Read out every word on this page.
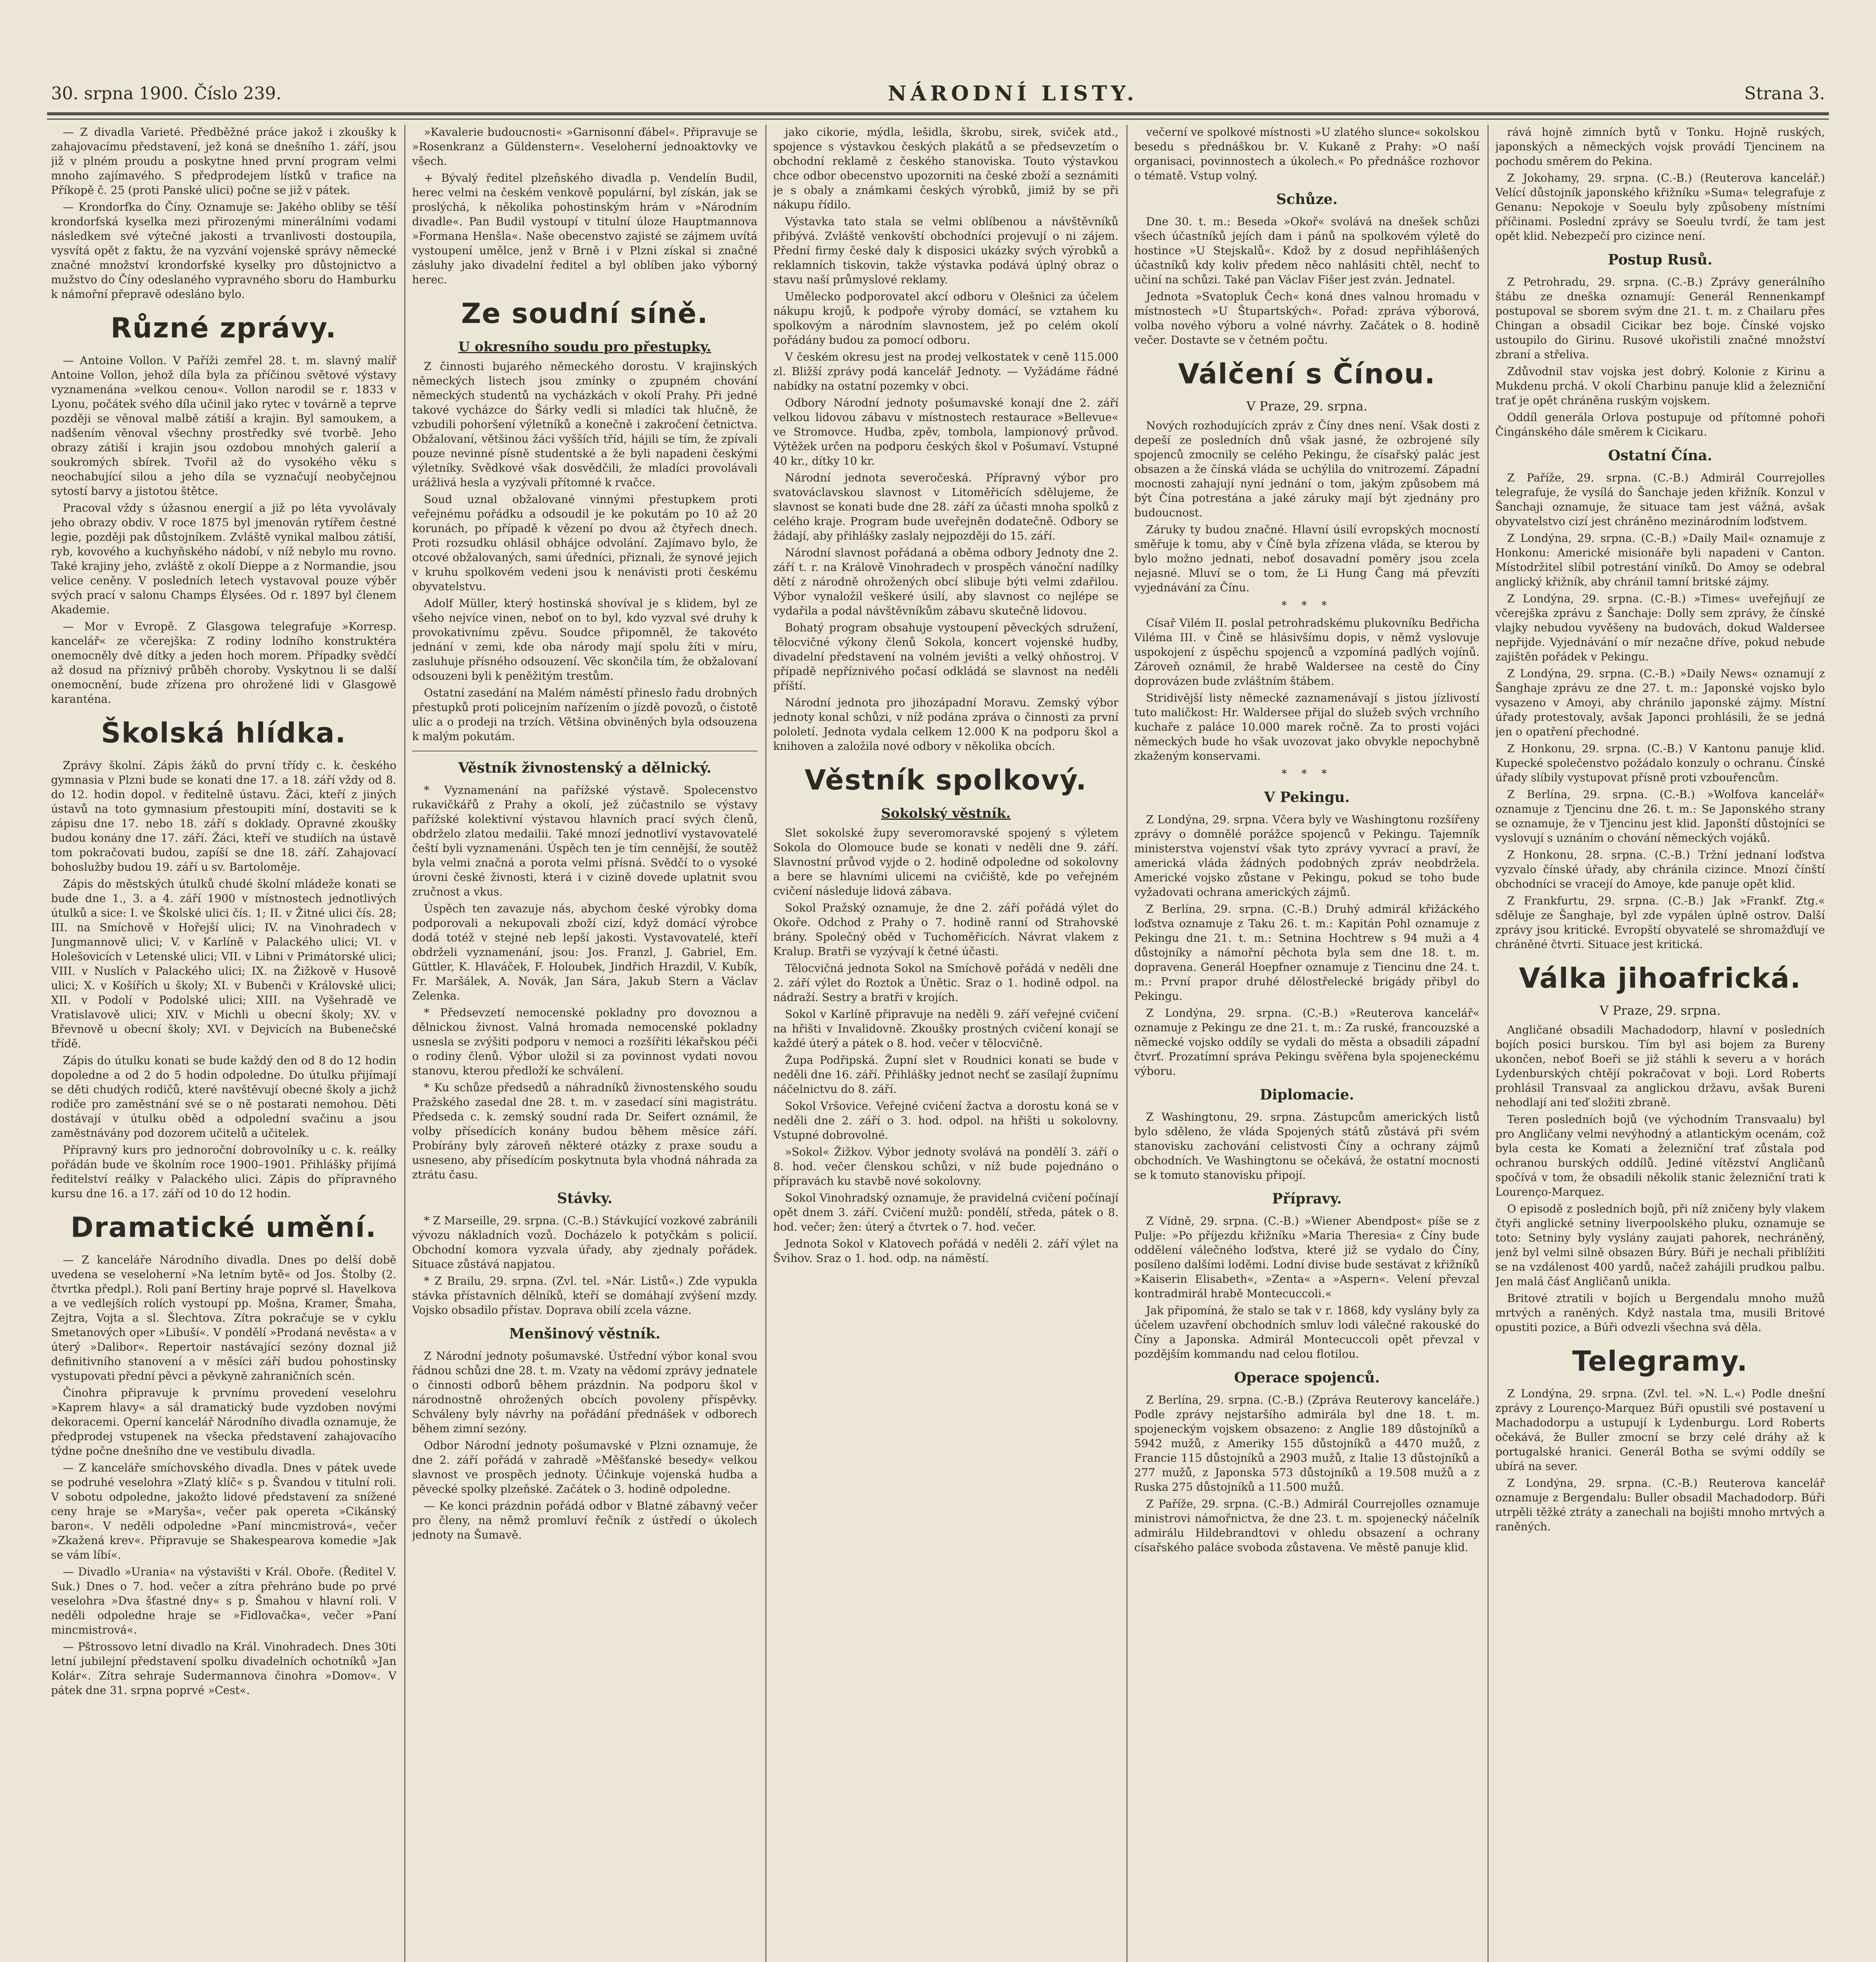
30. srpna 1900. Číslo 239.	NÁRODNÍ LISTY.	Strana 3.

— Z divadla Varieté. Předběžné práce jakož i zkoušky k zahajovacímu představení, jež koná se dnešního 1. září, jsou již v plném proudu a poskytne hned první program velmi mnoho zajímavého. S předprodejem lístků v trafice na Příkopě č. 25 (proti Panské ulici) počne se již v pátek.

— Krondorfka do Číny. Oznamuje se: Jakého obliby se těší krondorfská kyselka mezi přirozenými minerálními vodami následkem své výtečné jakosti a trvanlivosti dostoupila, vysvítá opět z faktu, že na vyzvání vojenské správy německé značné množství krondorfské kyselky pro důstojnictvo a mužstvo do Číny odeslaného vypravného sboru do Hamburku k námořní přepravě odesláno bylo.

Různé zprávy.

— Antoine Vollon. V Paříži zemřel 28. t. m. slavný malíř Antoine Vollon, jehož díla byla za příčinou světové výstavy vyznamenána »velkou cenou«. Vollon narodil se r. 1833 v Lyonu, počátek svého díla učinil jako rytec v továrně a teprve později se věnoval malbě zátiší a krajin. Byl samoukem, a nadšením věnoval všechny prostředky své tvorbě. Jeho obrazy zátiší i krajin jsou ozdobou mnohých galerií a soukromých sbírek. Tvořil až do vysokého věku s neochabující silou a jeho díla se vyznačují neobyčejnou sytostí barvy a jistotou štětce.

Pracoval vždy s úžasnou energií a již po léta vyvolávaly jeho obrazy obdiv. V roce 1875 byl jmenován rytířem čestné legie, později pak důstojníkem. Zvláště vynikal malbou zátiší, ryb, kovového a kuchyňského nádobí, v níž nebylo mu rovno. Také krajiny jeho, zvláště z okolí Dieppe a z Normandie, jsou velice ceněny. V posledních letech vystavoval pouze výběr svých prací v salonu Champs Élysées. Od r. 1897 byl členem Akademie.

— Mor v Evropě. Z Glasgowa telegrafuje »Korresp. kancelář« ze včerejška: Z rodiny lodního konstruktéra onemocněly dvě dítky a jeden hoch morem. Případky svědčí až dosud na příznivý průběh choroby. Vyskytnou li se další onemocnění, bude zřízena pro ohrožené lidi v Glasgowě karanténa.

Školská hlídka.

Zprávy školní. Zápis žáků do první třídy c. k. českého gymnasia v Plzni bude se konati dne 17. a 18. září vždy od 8. do 12. hodin dopol. v ředitelně ústavu. Žáci, kteří z jiných ústavů na toto gymnasium přestoupiti míní, dostaviti se k zápisu dne 17. nebo 18. září s doklady. Opravné zkoušky budou konány dne 17. září. Žáci, kteří ve studiích na ústavě tom pokračovati budou, zapíší se dne 18. září. Zahajovací bohoslužby budou 19. září u sv. Bartoloměje.

Zápis do městských útulků chudé školní mládeže konati se bude dne 1., 3. a 4. září 1900 v místnostech jednotlivých útulků a sice: I. ve Školské ulici čís. 1; II. v Žitné ulici čís. 28; III. na Smíchově v Hořejší ulici; IV. na Vinohradech v Jungmannově ulici; V. v Karlíně v Palackého ulici; VI. v Holešovicích v Letenské ulici; VII. v Libni v Primátorské ulici; VIII. v Nuslích v Palackého ulici; IX. na Žižkově v Husově ulici; X. v Košířích u školy; XI. v Bubenči v Královské ulici; XII. v Podolí v Podolské ulici; XIII. na Vyšehradě ve Vratislavově ulici; XIV. v Michli u obecní školy; XV. v Břevnově u obecní školy; XVI. v Dejvicích na Bubenečské třídě.

Zápis do útulku konati se bude každý den od 8 do 12 hodin dopoledne a od 2 do 5 hodin odpoledne. Do útulku přijímají se děti chudých rodičů, které navštěvují obecné školy a jichž rodiče pro zaměstnání své se o ně postarati nemohou. Děti dostávají v útulku oběd a odpolední svačinu a jsou zaměstnávány pod dozorem učitelů a učitelek.

Přípravný kurs pro jednoroční dobrovolníky u c. k. reálky pořádán bude ve školním roce 1900–1901. Přihlášky přijímá ředitelství reálky v Palackého ulici. Zápis do přípravného kursu dne 16. a 17. září od 10 do 12 hodin.

Dramatické umění.

— Z kanceláře Národního divadla. Dnes po delší době uvedena se veseloherní »Na letním bytě« od Jos. Štolby (2. čtvrtka předpl.). Roli paní Bertiny hraje poprvé sl. Havelkova a ve vedlejších rolích vystoupí pp. Mošna, Kramer, Šmaha, Zejtra, Vojta a sl. Šlechtova. Zítra pokračuje se v cyklu Smetanových oper »Libuší«. V pondělí »Prodaná nevěsta« a v úterý »Dalibor«. Repertoir nastávající sezóny doznal již definitivního stanovení a v měsíci září budou pohostinsky vystupovati přední pěvci a pěvkyně zahraničních scén.

Činohra připravuje k prvnímu provedení veselohru »Kaprem hlavy« a sál dramatický bude vyzdoben novými dekoracemi. Operní kancelář Národního divadla oznamuje, že předprodej vstupenek na všecka představení zahajovacího týdne počne dnešního dne ve vestibulu divadla.

— Z kanceláře smíchovského divadla. Dnes v pátek uvede se podruhé veselohra »Zlatý klíč« s p. Švandou v titulní roli. V sobotu odpoledne, jakožto lidové představení za snížené ceny hraje se »Maryša«, večer pak opereta »Cikánský baron«. V neděli odpoledne »Paní mincmistrová«, večer »Zkažená krev«. Připravuje se Shakespearova komedie »Jak se vám líbí«.

— Divadlo »Urania« na výstavišti v Král. Oboře. (Ředitel V. Suk.) Dnes o 7. hod. večer a zítra přehráno bude po prvé veselohra »Dva šťastné dny« s p. Šmahou v hlavní roli. V neděli odpoledne hraje se »Fidlovačka«, večer »Paní mincmistrová«.

— Pštrossovo letní divadlo na Král. Vinohradech. Dnes 30ti letní jubilejní představení spolku divadelních ochotníků »Jan Kolár«. Zítra sehraje Sudermannova činohra »Domov«. V pátek dne 31. srpna poprvé »Cest«.

»Kavalerie budoucnosti« »Garnisonní ďábel«. Připravuje se »Rosenkranz a Güldenstern«. Veseloherní jednoaktovky ve všech.

+ Bývalý ředitel plzeňského divadla p. Vendelín Budil, herec velmi na českém venkově populární, byl získán, jak se proslýchá, k několika pohostinským hrám v »Národním divadle«. Pan Budil vystoupí v titulní úloze Hauptmannova »Formana Henšla«. Naše obecenstvo zajisté se zájmem uvítá vystoupení umělce, jenž v Brně i v Plzni získal si značné zásluhy jako divadelní ředitel a byl oblíben jako výborný herec.

Ze soudní síně.
U okresního soudu pro přestupky.

Z činnosti bujarého německého dorostu. V krajinských německých listech jsou zmínky o zpupném chování německých studentů na vycházkách v okolí Prahy. Při jedné takové vycházce do Šárky vedli si mladíci tak hlučně, že vzbudili pohoršení výletníků a konečně i zakročení četnictva. Obžalovaní, většinou žáci vyšších tříd, hájili se tím, že zpívali pouze nevinné písně studentské a že byli napadeni českými výletníky. Svědkové však dosvědčili, že mladíci provolávali urážlivá hesla a vyzývali přítomné k rvačce.

Soud uznal obžalované vinnými přestupkem proti veřejnému pořádku a odsoudil je ke pokutám po 10 až 20 korunách, po případě k vězení po dvou až čtyřech dnech. Proti rozsudku ohlásil obhájce odvolání. Zajímavo bylo, že otcové obžalovaných, sami úředníci, přiznali, že synové jejich v kruhu spolkovém vedeni jsou k nenávisti proti českému obyvatelstvu.

Adolf Müller, který hostinská shovíval je s klidem, byl ze všeho nejvíce vinen, neboť on to byl, kdo vyzval své druhy k provokativnímu zpěvu. Soudce připomněl, že takovéto jednání v zemi, kde oba národy mají spolu žíti v míru, zasluhuje přísného odsouzení. Věc skončila tím, že obžalovaní odsouzeni byli k peněžitým trestům.

Ostatní zasedání na Malém náměstí přineslo řadu drobných přestupků proti policejním nařízením o jízdě povozů, o čistotě ulic a o prodeji na trzích. Většina obviněných byla odsouzena k malým pokutám.

Věstník živnostenský a dělnický.

* Vyznamenání na pařížské výstavě. Spolecenstvo rukavičkářů z Prahy a okolí, jež zúčastnilo se výstavy pařížské kolektivní výstavou hlavních prací svých členů, obdrželo zlatou medailii. Také mnozí jednotliví vystavovatelé čeští byli vyznamenáni. Úspěch ten je tím cennější, že soutěž byla velmi značná a porota velmi přísná. Svědčí to o vysoké úrovni české živnosti, která i v cizině dovede uplatnit svou zručnost a vkus.

Úspěch ten zavazuje nás, abychom české výrobky doma podporovali a nekupovali zboží cizí, když domácí výrobce dodá totéž v stejné neb lepší jakosti. Vystavovatelé, kteří obdrželi vyznamenání, jsou: Jos. Franzl, J. Gabriel, Em. Güttler, K. Hlaváček, F. Holoubek, Jindřich Hrazdil, V. Kubík, Fr. Maršálek, A. Novák, Jan Sára, Jakub Stern a Václav Zelenka.

* Předsevzetí nemocenské pokladny pro dovoznou a dělnickou živnost. Valná hromada nemocenské pokladny usnesla se zvýšiti podporu v nemoci a rozšířiti lékařskou péči o rodiny členů. Výbor uložil si za povinnost vydati novou stanovu, kterou předloží ke schválení.

* Ku schůze předsedů a náhradníků živnostenského soudu Pražského zasedal dne 28. t. m. v zasedací síni magistrátu. Předseda c. k. zemský soudní rada Dr. Seifert oznámil, že volby přísedících konány budou během měsíce září. Probírány byly zároveň některé otázky z praxe soudu a usneseno, aby přísedícím poskytnuta byla vhodná náhrada za ztrátu času.

Stávky.

* Z Marseille, 29. srpna. (C.-B.) Stávkující vozkové zabránili vývozu nákladních vozů. Docházelo k potyčkám s policií. Obchodní komora vyzvala úřady, aby zjednaly pořádek. Situace zůstává napjatou.

* Z Brailu, 29. srpna. (Zvl. tel. »Nár. Listů«.) Zde vypukla stávka přístavních dělníků, kteří se domáhají zvýšení mzdy. Vojsko obsadilo přístav. Doprava obilí zcela vázne.

Menšinový věstník.

Z Národní jednoty pošumavské. Ústřední výbor konal svou řádnou schůzi dne 28. t. m. Vzaty na vědomí zprávy jednatele o činnosti odborů během prázdnin. Na podporu škol v národnostně ohrožených obcích povoleny příspěvky. Schváleny byly návrhy na pořádání přednášek v odborech během zimní sezóny.

Odbor Národní jednoty pošumavské v Plzni oznamuje, že dne 2. září pořádá v zahradě »Měšťanské besedy« velkou slavnost ve prospěch jednoty. Účinkuje vojenská hudba a pěvecké spolky plzeňské. Začátek o 3. hodině odpoledne.

— Ke konci prázdnin pořádá odbor v Blatné zábavný večer pro členy, na němž promluví řečník z ústředí o úkolech jednoty na Šumavě.

jako cikorie, mýdla, lešidla, škrobu, sirek, sviček atd., spojence s výstavkou českých plakátů a se předsevzetím o obchodní reklamě z českého stanoviska. Touto výstavkou chce odbor obecenstvo upozorniti na české zboží a seznámiti je s obaly a známkami českých výrobků, jimiž by se při nákupu řídilo.

Výstavka tato stala se velmi oblíbenou a návštěvníků přibývá. Zvláště venkovští obchodníci projevují o ni zájem. Přední firmy české daly k disposici ukázky svých výrobků a reklamních tiskovin, takže výstavka podává úplný obraz o stavu naší průmyslové reklamy.

Umělecko podporovatel akcí odboru v Olešnici za účelem nákupu krojů, k podpoře výroby domácí, se vztahem ku spolkovým a národním slavnostem, jež po celém okolí pořádány budou za pomocí odboru.

V českém okresu jest na prodej velkostatek v ceně 115.000 zl. Bližší zprávy podá kancelář Jednoty. — Vyžádáme řádné nabídky na ostatní pozemky v obci.

Odbory Národní jednoty pošumavské konají dne 2. září velkou lidovou zábavu v místnostech restaurace »Bellevue« ve Stromovce. Hudba, zpěv, tombola, lampionový průvod. Výtěžek určen na podporu českých škol v Pošumaví. Vstupné 40 kr., dítky 10 kr.

Národní jednota severočeská. Přípravný výbor pro svatováclavskou slavnost v Litoměřicích sdělujeme, že slavnost se konati bude dne 28. září za účasti mnoha spolků z celého kraje. Program bude uveřejněn dodatečně. Odbory se žádají, aby přihlášky zaslaly nejpozději do 15. září.

Národní slavnost pořádaná a oběma odbory Jednoty dne 2. září t. r. na Králově Vinohradech v prospěch vánoční nadílky dětí z národně ohrožených obcí slibuje býti velmi zdařilou. Výbor vynaložil veškeré úsilí, aby slavnost co nejlépe se vydařila a podal návštěvníkům zábavu skutečně lidovou.

Bohatý program obsahuje vystoupení pěveckých sdružení, tělocvičné výkony členů Sokola, koncert vojenské hudby, divadelní představení na volném jevišti a velký ohňostroj. V případě nepříznivého počasí odkládá se slavnost na neděli příští.

Národní jednota pro jihozápadní Moravu. Zemský výbor jednoty konal schůzi, v níž podána zpráva o činnosti za první pololetí. Jednota vydala celkem 12.000 K na podporu škol a knihoven a založila nové odbory v několika obcích.

Věstník spolkový.
Sokolský věstník.

Slet sokolské župy severomoravské spojený s výletem Sokola do Olomouce bude se konati v neděli dne 9. září. Slavnostní průvod vyjde o 2. hodině odpoledne od sokolovny a bere se hlavními ulicemi na cvičiště, kde po veřejném cvičení následuje lidová zábava.

Sokol Pražský oznamuje, že dne 2. září pořádá výlet do Okoře. Odchod z Prahy o 7. hodině ranní od Strahovské brány. Společný oběd v Tuchoměřicích. Návrat vlakem z Kralup. Bratři se vyzývají k četné účasti.

Tělocvičná jednota Sokol na Smíchově pořádá v neděli dne 2. září výlet do Roztok a Únětic. Sraz o 1. hodině odpol. na nádraží. Sestry a bratři v krojích.

Sokol v Karlíně připravuje na neděli 9. září veřejné cvičení na hřišti v Invalidovně. Zkoušky prostných cvičení konají se každé úterý a pátek o 8. hod. večer v tělocvičně.

Župa Podřipská. Župní slet v Roudnici konati se bude v neděli dne 16. září. Přihlášky jednot nechť se zasílají župnímu náčelnictvu do 8. září.

Sokol Vršovice. Veřejné cvičení žactva a dorostu koná se v neděli dne 2. září o 3. hod. odpol. na hřišti u sokolovny. Vstupné dobrovolné.

»Sokol« Žižkov. Výbor jednoty svolává na pondělí 3. září o 8. hod. večer členskou schůzi, v níž bude pojednáno o přípravách ku stavbě nové sokolovny.

Sokol Vinohradský oznamuje, že pravidelná cvičení počínají opět dnem 3. září. Cvičení mužů: pondělí, středa, pátek o 8. hod. večer; žen: úterý a čtvrtek o 7. hod. večer.

Jednota Sokol v Klatovech pořádá v neděli 2. září výlet na Švihov. Sraz o 1. hod. odp. na náměstí.

večerní ve spolkové místnosti »U zlatého slunce« sokolskou besedu s přednáškou br. V. Kukaně z Prahy: »O naší organisaci, povinnostech a úkolech.« Po přednášce rozhovor o tématě. Vstup volný.

Schůze.

Dne 30. t. m.: Beseda »Okoř« svolává na dnešek schůzi všech účastníků jejích dam i pánů na spolkovém výletě do hostince »U Stejskalů«. Kdož by z dosud nepřihlášených účastníků kdy koliv předem něco nahlásiti chtěl, nechť to učiní na schůzi. Také pan Václav Fišer jest zván. Jednatel.

Jednota »Svatopluk Čech« koná dnes valnou hromadu v místnostech »U Štupartských«. Pořad: zpráva výborová, volba nového výboru a volné návrhy. Začátek o 8. hodině večer. Dostavte se v četném počtu.

Válčení s Čínou.
V Praze, 29. srpna.

Nových rozhodujících zpráv z Číny dnes není. Však dosti z depeší ze posledních dnů však jasné, že ozbrojené síly spojenců zmocnily se celého Pekingu, že císařský palác jest obsazen a že čínská vláda se uchýlila do vnitrozemí. Západní mocnosti zahajují nyní jednání o tom, jakým způsobem má být Čína potrestána a jaké záruky mají být zjednány pro budoucnost.

Záruky ty budou značné. Hlavní úsilí evropských mocností směřuje k tomu, aby v Číně byla zřízena vláda, se kterou by bylo možno jednati, neboť dosavadní poměry jsou zcela nejasné. Mluví se o tom, že Li Hung Čang má převzíti vyjednávání za Čínu.

* * *

Císař Vilém II. poslal petrohradskému plukovníku Bedřicha Viléma III. v Čině se hlásivšímu dopis, v němž vyslovuje uspokojení z úspěchu spojenců a vzpomíná padlých vojínů. Zároveň oznámil, že hrabě Waldersee na cestě do Číny doprovázen bude zvláštním štábem.

Stridivější listy německé zaznamenávají s jistou jízlivostí tuto maličkost: Hr. Waldersee přijal do služeb svých vrchního kuchaře z paláce 10.000 marek ročně. Za to prosti vojáci německých bude ho však uvozovat jako obvykle nepochybně zkaženým konservami.

* * *
V Pekingu.

Z Londýna, 29. srpna. Včera byly ve Washingtonu rozšířeny zprávy o domnělé porážce spojenců v Pekingu. Tajemník ministerstva vojenství však tyto zprávy vyvrací a praví, že americká vláda žádných podobných zpráv neobdržela. Americké vojsko zůstane v Pekingu, pokud se toho bude vyžadovati ochrana amerických zájmů.

Z Berlína, 29. srpna. (C.-B.) Druhý admirál křižáckého loďstva oznamuje z Taku 26. t. m.: Kapitán Pohl oznamuje z Pekingu dne 21. t. m.: Setnina Hochtrew s 94 muži a 4 důstojníky a námořní pěchota byla sem dne 18. t. m. dopravena. Generál Hoepfner oznamuje z Tiencinu dne 24. t. m.: První prapor druhé dělostřelecké brigády přibyl do Pekingu.

Z Londýna, 29. srpna. (C.-B.) »Reuterova kancelář« oznamuje z Pekingu ze dne 21. t. m.: Za ruské, francouzské a německé vojsko oddíly se vydali do města a obsadili západní čtvrť. Prozatímní správa Pekingu svěřena byla spojeneckému výboru.

Diplomacie.

Z Washingtonu, 29. srpna. Zástupcům amerických listů bylo sděleno, že vláda Spojených států zůstává při svém stanovisku zachování celistvosti Číny a ochrany zájmů obchodních. Ve Washingtonu se očekává, že ostatní mocnosti se k tomuto stanovisku připojí.

Přípravy.

Z Vídně, 29. srpna. (C.-B.) »Wiener Abendpost« píše se z Pulje: »Po příjezdu křižníku »Maria Theresia« z Číny bude oddělení válečného loďstva, které již se vydalo do Číny, posíleno dalšími loděmi. Lodní divise bude sestávat z křižníků »Kaiserin Elisabeth«, »Zenta« a »Aspern«. Velení převzal kontradmirál hrabě Montecuccoli.«

Jak připomíná, že stalo se tak v r. 1868, kdy vyslány byly za účelem uzavření obchodních smluv lodi válečné rakouské do Číny a Japonska. Admirál Montecuccoli opět převzal v pozdějším kommandu nad celou flotilou.

Operace spojenců.

Z Berlína, 29. srpna. (C.-B.) (Zpráva Reuterovy kanceláře.) Podle zprávy nejstaršího admirála byl dne 18. t. m. spojeneckým vojskem obsazeno: z Anglie 189 důstojníků a 5942 mužů, z Ameriky 155 důstojníků a 4470 mužů, z Francie 115 důstojníků a 2903 mužů, z Italie 13 důstojníků a 277 mužů, z Japonska 573 důstojníků a 19.508 mužů a z Ruska 275 důstojníků a 11.500 mužů.

Z Paříže, 29. srpna. (C.-B.) Admirál Courrejolles oznamuje ministrovi námořnictva, že dne 23. t. m. spojenecký náčelník admirálu Hildebrandtovi v ohledu obsazení a ochrany císařského paláce svoboda zůstavena. Ve městě panuje klid.

rává hojně zimních bytů v Tonku. Hojně ruských, japonských a německých vojsk provádí Tjencinem na pochodu směrem do Pekina.

Z Jokohamy, 29. srpna. (C.-B.) (Reuterova kancelář.) Velící důstojník japonského křižníku »Suma« telegrafuje z Genanu: Nepokoje v Soeulu byly způsobeny místními příčinami. Poslední zprávy se Soeulu tvrdí, že tam jest opět klid. Nebezpečí pro cizince není.

Postup Rusů.

Z Petrohradu, 29. srpna. (C.-B.) Zprávy generálního štábu ze dneška oznamují: Generál Rennenkampf postupoval se sborem svým dne 21. t. m. z Chailaru přes Chingan a obsadil Cicikar bez boje. Čínské vojsko ustoupilo do Girinu. Rusové ukořistili značné množství zbraní a střeliva.

Zdůvodnil stav vojska jest dobrý. Kolonie z Kirinu a Mukdenu prchá. V okolí Charbinu panuje klid a železniční trať je opět chráněna ruským vojskem.

Oddíl generála Orlova postupuje od přítomné pohoři Čingánského dále směrem k Cicikaru.

Ostatní Čína.

Z Paříže, 29. srpna. (C.-B.) Admirál Courrejolles telegrafuje, že vysílá do Šanchaje jeden křižník. Konzul v Šanchaji oznamuje, že situace tam jest vážná, avšak obyvatelstvo cizí jest chráněno mezinárodním loďstvem.

Z Londýna, 29. srpna. (C.-B.) »Daily Mail« oznamuje z Honkonu: Americké misionáře byli napadeni v Canton. Místodržitel slíbil potrestání viníků. Do Amoy se odebral anglický křižník, aby chránil tamní britské zájmy.

Z Londýna, 29. srpna. (C.-B.) »Times« uveřejňují ze včerejška zprávu z Šanchaje: Dolly sem zprávy, že čínské vlajky nebudou vyvěšeny na budovách, dokud Waldersee nepřijde. Vyjednávání o mír nezačne dříve, pokud nebude zajištěn pořádek v Pekingu.

Z Londýna, 29. srpna. (C.-B.) »Daily News« oznamují z Šanghaje zprávu ze dne 27. t. m.: Japonské vojsko bylo vysazeno v Amoyi, aby chránilo japonské zájmy. Místní úřady protestovaly, avšak Japonci prohlásili, že se jedná jen o opatření přechodné.

Z Honkonu, 29. srpna. (C.-B.) V Kantonu panuje klid. Kupecké společenstvo požádalo konzuly o ochranu. Čínské úřady slíbily vystupovat přísně proti vzbouřencům.

Z Berlína, 29. srpna. (C.-B.) »Wolfova kancelář« oznamuje z Tjencinu dne 26. t. m.: Se Japonského strany se oznamuje, že v Tjencinu jest klid. Japonští důstojníci se vyslovují s uznáním o chování německých vojáků.

Z Honkonu, 28. srpna. (C.-B.) Tržní jednaní loďstva vyzvalo čínské úřady, aby chránila cizince. Mnozí čínští obchodníci se vracejí do Amoye, kde panuje opět klid.

Z Frankfurtu, 29. srpna. (C.-B.) Jak »Frankf. Ztg.« sděluje ze Šanghaje, byl zde vypálen úplně ostrov. Další zprávy jsou kritické. Evropští obyvatelé se shromažďují ve chráněné čtvrti. Situace jest kritická.

Válka jihoafrická.
V Praze, 29. srpna.

Angličané obsadili Machadodorp, hlavní v posledních bojích posici burskou. Tím byl asi bojem za Bureny ukončen, neboť Boeři se již stáhli k severu a v horách Lydenburských chtějí pokračovat v boji. Lord Roberts prohlásil Transvaal za anglickou državu, avšak Bureni nehodlají ani teď složiti zbraně.

Teren posledních bojů (ve východním Transvaalu) byl pro Angličany velmi nevýhodný a atlantickým ocenám, což byla cesta ke Komati a železniční trať zůstala pod ochranou burských oddílů. Jediné vítězství Angličanů spočívá v tom, že obsadili několik stanic železniční trati k Lourenço-Marquez.

O episodě z posledních bojů, při níž zničeny byly vlakem čtyři anglické setniny liverpoolského pluku, oznamuje se toto: Setniny byly vyslány zaujati pahorek, nechráněný, jenž byl velmi silně obsazen Búry. Búři je nechali přiblížiti se na vzdálenost 400 yardů, načež zahájili prudkou palbu. Jen malá čásť Angličanů unikla.

Britové ztratili v bojích u Bergendalu mnoho mužů mrtvých a raněných. Když nastala tma, musili Britové opustiti pozice, a Búři odvezli všechna svá děla.

Telegramy.

Z Londýna, 29. srpna. (Zvl. tel. »N. L.«) Podle dnešní zprávy z Lourenço-Marquez Búři opustili své postavení u Machadodorpu a ustupují k Lydenburgu. Lord Roberts očekává, že Buller zmocní se brzy celé dráhy až k portugalské hranici. Generál Botha se svými oddíly se ubírá na sever.

Z Londýna, 29. srpna. (C.-B.) Reuterova kancelář oznamuje z Bergendalu: Buller obsadil Machadodorp. Búři utrpěli těžké ztráty a zanechali na bojišti mnoho mrtvých a raněných.
